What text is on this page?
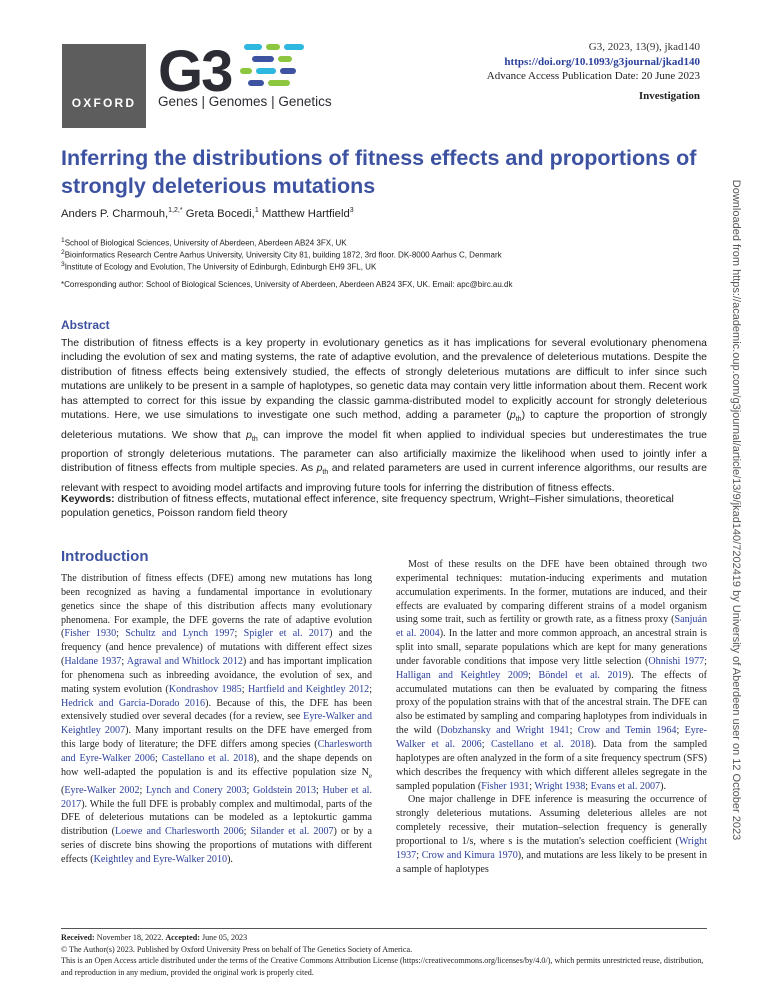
OXFORD G3
Genes | Genomes | Genetics
G3, 2023, 13(9), jkad140
https://doi.org/10.1093/g3journal/jkad140
Advance Access Publication Date: 20 June 2023
Investigation
Inferring the distributions of fitness effects and proportions of strongly deleterious mutations
Anders P. Charmouh,$^{1,2,*}$ Greta Bocedi,$^1$ Matthew Hartfield$^3$
$^1$School of Biological Sciences, University of Aberdeen, Aberdeen AB24 3FX, UK
$^2$Bioinformatics Research Centre Aarhus University, University City 81, building 1872, 3rd floor. DK-8000 Aarhus C, Denmark
$^3$Institute of Ecology and Evolution, The University of Edinburgh, Edinburgh EH9 3FL, UK
*Corresponding author: School of Biological Sciences, University of Aberdeen, Aberdeen AB24 3FX, UK. Email: apc@birc.au.dk
Abstract
The distribution of fitness effects is a key property in evolutionary genetics as it has implications for several evolutionary phenomena including the evolution of sex and mating systems, the rate of adaptive evolution, and the prevalence of deleterious mutations. Despite the distribution of fitness effects being extensively studied, the effects of strongly deleterious mutations are difficult to infer since such mutations are unlikely to be present in a sample of haplotypes, so genetic data may contain very little information about them. Recent work has attempted to correct for this issue by expanding the classic gamma-distributed model to explicitly account for strongly deleterious mutations. Here, we use simulations to investigate one such method, adding a parameter $(p_{th})$ to capture the proportion of strongly deleterious mutations. We show that $p_{th}$ can improve the model fit when applied to individual species but underestimates the true proportion of strongly deleterious mutations. The parameter can also artificially maximize the likelihood when used to jointly infer a distribution of fitness effects from multiple species. As $p_{th}$ and related parameters are used in current inference algorithms, our results are relevant with respect to avoiding model artifacts and improving future tools for inferring the distribution of fitness effects.
Keywords: distribution of fitness effects, mutational effect inference, site frequency spectrum, Wright–Fisher simulations, theoretical population genetics, Poisson random field theory
Introduction

The distribution of fitness effects (DFE) among new mutations has long been recognized as having a fundamental importance in evolutionary genetics since the shape of this distribution affects many evolutionary phenomena. For example, the DFE governs the rate of adaptive evolution (Fisher 1930; Schultz and Lynch 1997; Spigler et al. 2017) and the frequency (and hence prevalence) of mutations with different effect sizes (Haldane 1937; Agrawal and Whitlock 2012) and has important implication for phenomena such as inbreeding avoidance, the evolution of sex, and mating system evolution (Kondrashov 1985; Hartfield and Keightley 2012; Hedrick and Garcia-Dorado 2016). Because of this, the DFE has been extensively studied over several decades (for a review, see Eyre-Walker and Keightley 2007). Many important results on the DFE have emerged from this large body of literature; the DFE differs among species (Charlesworth and Eyre-Walker 2006; Castellano et al. 2018), and the shape depends on how well-adapted the population is and its effective population size $N_e$ (Eyre-Walker 2002; Lynch and Conery 2003; Goldstein 2013; Huber et al. 2017). While the full DFE is probably complex and multimodal, parts of the DFE of deleterious mutations can be modeled as a leptokurtic gamma distribution (Loewe and Charlesworth 2006; Silander et al. 2007) or by a series of discrete bins showing the proportions of mutations with different effects (Keightley and Eyre-Walker 2010).

Most of these results on the DFE have been obtained through two experimental techniques: mutation-inducing experiments and mutation accumulation experiments. In the former, mutations are induced, and their effects are evaluated by comparing different strains of a model organism using some trait, such as fertility or growth rate, as a fitness proxy (Sanjuán et al. 2004). In the latter and more common approach, an ancestral strain is split into small, separate populations which are kept for many generations under favorable conditions that impose very little selection (Ohnishi 1977; Halligan and Keightley 2009; Böndel et al. 2019). The effects of accumulated mutations can then be evaluated by comparing the fitness proxy of the population strains with that of the ancestral strain. The DFE can also be estimated by sampling and comparing haplotypes from individuals in the wild (Dobzhansky and Wright 1941; Crow and Temin 1964; Eyre-Walker et al. 2006; Castellano et al. 2018). Data from the sampled haplotypes are often analyzed in the form of a site frequency spectrum (SFS) which describes the frequency with which different alleles segregate in the sampled population (Fisher 1931; Wright 1938; Evans et al. 2007).

One major challenge in DFE inference is measuring the occurrence of strongly deleterious mutations. Assuming deleterious alleles are not completely recessive, their mutation–selection frequency is generally proportional to 1/s, where s is the mutation's selection coefficient (Wright 1937; Crow and Kimura 1970), and mutations are less likely to be present in a sample of haplotypes

Received: November 18, 2022. Accepted: June 05, 2023
© The Author(s) 2023. Published by Oxford University Press on behalf of The Genetics Society of America.
This is an Open Access article distributed under the terms of the Creative Commons Attribution License (https://creativecommons.org/licenses/by/4.0/), which permits unrestricted reuse, distribution, and reproduction in any medium, provided the original work is properly cited.
Downloaded from https://academic.oup.com/g3journal/article/13/9/jkad140/7202419 by University of Aberdeen user on 12 October 2023
